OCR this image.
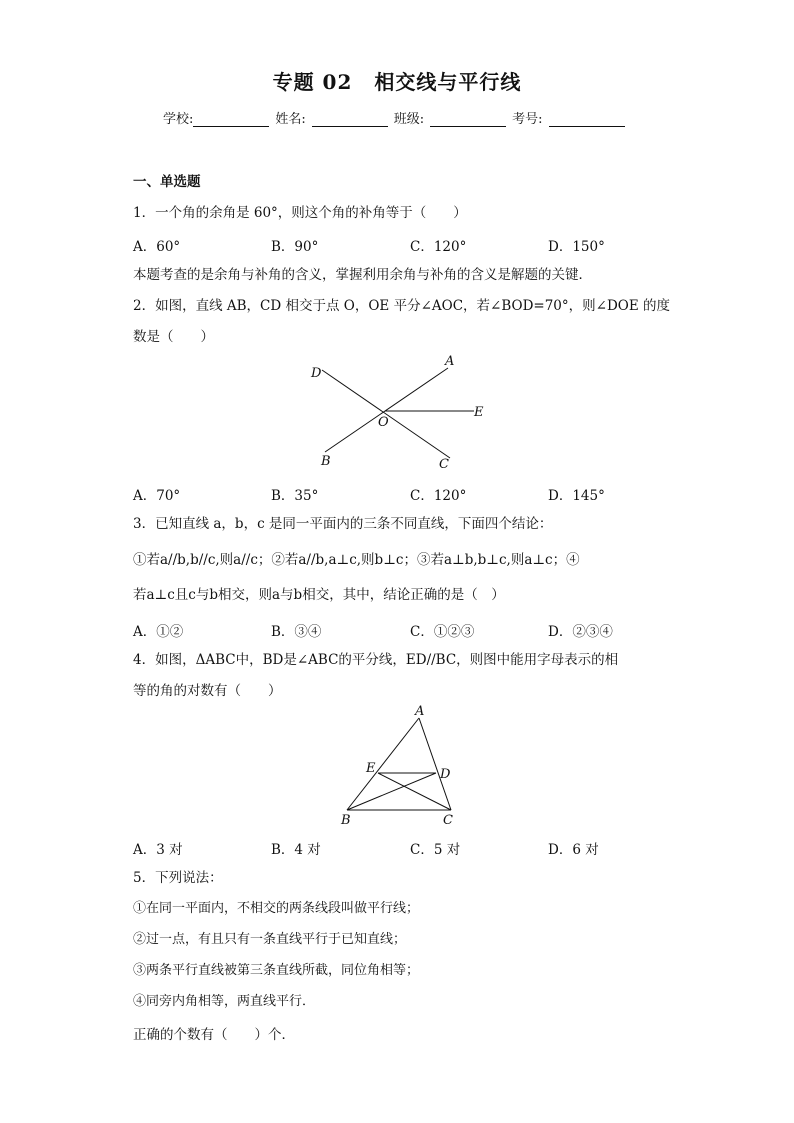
专题 02 相交线与平行线
学校:	姓名:	班级:	考号:
一、单选题
1．一个角的余角是 60°，则这个角的补角等于（　　）
A．60°	B．90°	C．120°	D．150°
本题考查的是余角与补角的含义，掌握利用余角与补角的含义是解题的关键．
2．如图，直线 AB，CD 相交于点 O，OE 平分∠AOC，若∠BOD=70°，则∠DOE 的度
数是（　　）
A
B	C
D
E
O
A．70°	B．35°	C．120°	D．145°
3．已知直线 a，b，c 是同一平面内的三条不同直线，下面四个结论：
①若a//b,b//c,则a//c；②若a//b,a⊥c,则b⊥c；③若a⊥b,b⊥c,则a⊥c；④
若a⊥c且c与b相交，则a与b相交，其中，结论正确的是（　）
A．①②	B．③④	C．①②③	D．②③④
4．如图，ΔABC中，BD是∠ABC的平分线，ED//BC，则图中能用字母表示的相
等的角的对数有（　　）
A
B	C
D
E
A．3 对	B．4 对	C．5 对	D．6 对
5．下列说法：
①在同一平面内，不相交的两条线段叫做平行线；
②过一点，有且只有一条直线平行于已知直线；
③两条平行直线被第三条直线所截，同位角相等；
④同旁内角相等，两直线平行．
正确的个数有（　　）个．
